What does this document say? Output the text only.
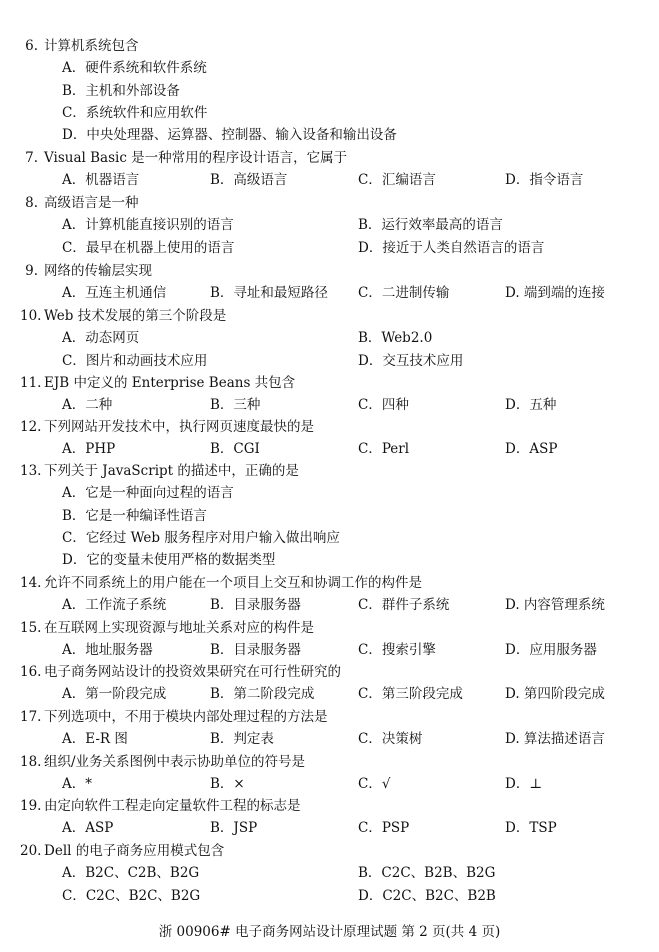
6. 计算机系统包含
A．硬件系统和软件系统
B．主机和外部设备
C．系统软件和应用软件
D．中央处理器、运算器、控制器、输入设备和输出设备
7. Visual Basic 是一种常用的程序设计语言，它属于
A．机器语言	B．高级语言	C．汇编语言	D．指令语言
8. 高级语言是一种
A．计算机能直接识别的语言	B．运行效率最高的语言
C．最早在机器上使用的语言	D．接近于人类自然语言的语言
9. 网络的传输层实现
A．互连主机通信	B．寻址和最短路径 C．二进制传输	D. 端到端的连接
10. Web 技术发展的第三个阶段是
A．动态网页	B．Web2.0
C．图片和动画技术应用	D．交互技术应用
11. EJB 中定义的 Enterprise Beans 共包含
A．二种	B．三种	C．四种	D．五种
12. 下列网站开发技术中，执行网页速度最快的是
A．PHP	B．CGI	C．Perl	D．ASP
13. 下列关于 JavaScript 的描述中，正确的是
A．它是一种面向过程的语言
B．它是一种编译性语言
C．它经过 Web 服务程序对用户输入做出响应
D．它的变量未使用严格的数据类型
14. 允许不同系统上的用户能在一个项目上交互和协调工作的构件是
A．工作流子系统	B．目录服务器	C．群件子系统	D. 内容管理系统
15. 在互联网上实现资源与地址关系对应的构件是
A．地址服务器	B．目录服务器	C．搜索引擎	D．应用服务器
16. 电子商务网站设计的投资效果研究在可行性研究的
A．第一阶段完成	B．第二阶段完成	C．第三阶段完成	D. 第四阶段完成
17. 下列选项中，不用于模块内部处理过程的方法是
A．E-R 图	B．判定表	C．决策树	D. 算法描述语言
18. 组织/业务关系图例中表示协助单位的符号是
A．*	B．×	C．√	D．⊥
19. 由定向软件工程走向定量软件工程的标志是
A．ASP	B．JSP	C．PSP	D．TSP
20. Dell 的电子商务应用模式包含
A．B2C、C2B、B2G	B．C2C、B2B、B2G
C．C2C、B2C、B2G	D．C2C、B2C、B2B
浙 00906# 电子商务网站设计原理试题 第 2 页(共 4 页)
